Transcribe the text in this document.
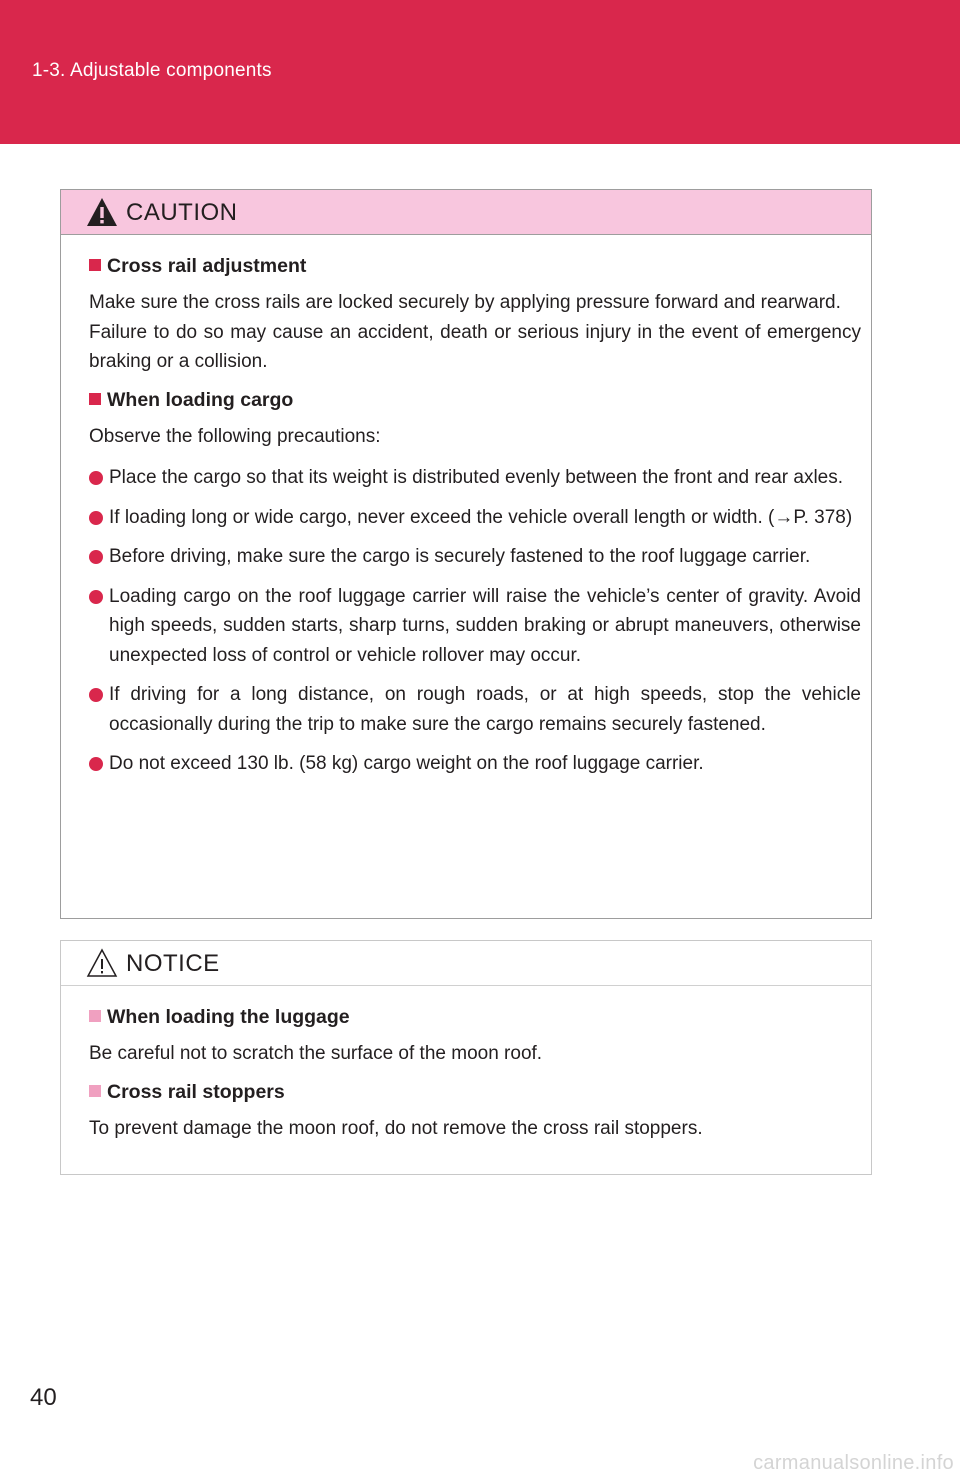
1-3. Adjustable components
CAUTION
Cross rail adjustment

Make sure the cross rails are locked securely by applying pressure forward and rearward.

Failure to do so may cause an accident, death or serious injury in the event of emergency braking or a collision.

When loading cargo

Observe the following precautions:

Place the cargo so that its weight is distributed evenly between the front and rear axles.
If loading long or wide cargo, never exceed the vehicle overall length or width. (→P. 378)
Before driving, make sure the cargo is securely fastened to the roof luggage carrier.
Loading cargo on the roof luggage carrier will raise the vehicle’s center of gravity. Avoid high speeds, sudden starts, sharp turns, sudden braking or abrupt maneuvers, otherwise unexpected loss of control or vehicle rollover may occur.
If driving for a long distance, on rough roads, or at high speeds, stop the vehicle occasionally during the trip to make sure the cargo remains securely fastened.
Do not exceed 130 lb. (58 kg) cargo weight on the roof luggage carrier.
NOTICE
When loading the luggage

Be careful not to scratch the surface of the moon roof.

Cross rail stoppers

To prevent damage the moon roof, do not remove the cross rail stoppers.

40
carmanualsonline.info
